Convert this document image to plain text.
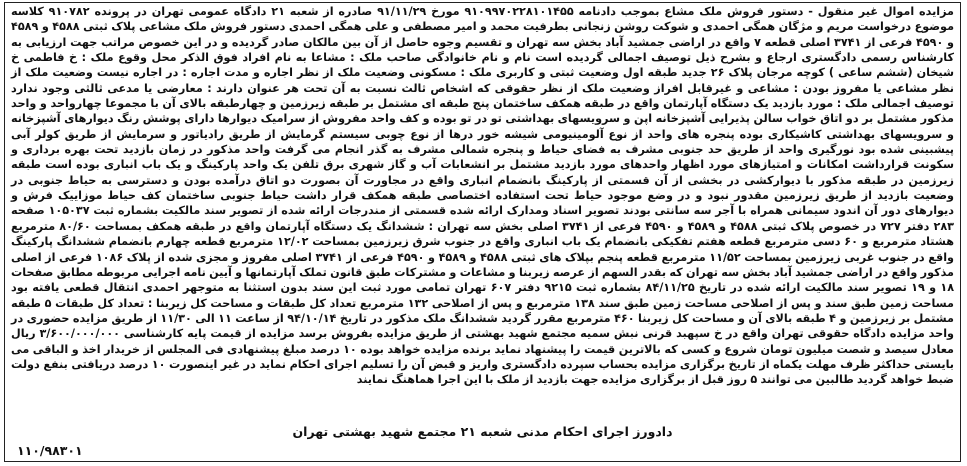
مزایده اموال غیر منقول - دستور فروش ملک مشاع بموجب دادنامه ۹۱۰۹۹۷۰۲۲۸۱۰۱۴۵۵ مورخ ۹۱/۱۱/۲۹ صادره از شعبه ۲۱ دادگاه عمومی تهران در پرونده ۹۱۰۷۸۲ کلاسه موضوع درخواست مریم و مژگان همگی احمدی و شوکت روشن زنجانی بطرفیت محمد و امیر مصطفی و علی همگی احمدی دستور فروش ملک مشاعی پلاک ثبتی ۴۵۸۸ و ۴۵۸۹ و ۴۵۹۰ فرعی از ۳۷۴۱ اصلی قطعه ۷ واقع در اراضی جمشید آباد بخش سه تهران و تقسیم وجوه حاصل از آن بین مالکان صادر گردیده و در این خصوص مراتب جهت ارزیابی به کارشناس رسمی دادگستری ارجاع و بشرح ذیل توصیف اجمالی گردیده است نام و نام خانوادگی صاحب ملک : مشاعا به نام افراد فوق الذکر محل وقوع ملک : خ فاطمی خ شیخان (ششم ساعی ) کوچه مرجان پلاک ۲۶ جدید طبقه اول وضعیت ثبتی و کاربری ملک : مسکونی وضعیت ملک از نظر اجاره و مدت اجاره : در اجاره نیست وضعیت ملک از نظر مشاعی یا مفروز بودن : مشاعی و غیرقابل افراز وضعیت ملک از نظر حقوقی که اشخاص ثالث نسبت به آن تحت هر عنوان دارند : معارضی یا مدعی ثالثی وجود ندارد توصیف اجمالی ملک : مورد بازدید یک دستگاه آپارتمان واقع در طبقه همکف ساختمان پنج طبقه ای مشتمل بر طبقه زیرزمین و چهارطبقه بالای آن با مجموعا چهارواحد و واحد مذکور مشتمل بر دو اتاق خواب سالن پذیرایی آشپزخانه اپن و سرویسهای بهداشتی تو در تو بوده و کف واحد مفروش از سرامیک دیوارها دارای پوشش رنگ دیوارهای آشپزخانه و سرویسهای بهداشتی کاشیکاری بوده پنجره های واحد از نوع آلومینیومی شیشه خور درها از نوع چوبی سیستم گرمایش از طریق رادیاتور و سرمایش از طریق کولر آبی پیشبینی شده بود نورگیری واحد از طریق حد جنوبی مشرف به فضای حیاط و پنجره شمالی مشرف به گذر انجام می گرفت واحد مذکور در زمان بازدید تحت بهره برداری و سکونت قرارداشت امکانات و امتیازهای مورد اظهار واحدهای مورد بازدید مشتمل بر انشعابات آب و گاز شهری برق تلفن یک واحد پارکینگ و یک باب انباری بوده است طبقه زیرزمین در طبقه مذکور با دیوارکشی در بخشی از آن قسمتی از پارکینگ بانضمام انباری واقع در مجاورت آن بصورت دو اتاق درآمده بودن و دسترسی به حیاط جنوبی در وضعیت بازدید از طریق زیرزمین مقدور نبود و در وضع موجود حیاط تحت استفاده اختصاصی طبقه همکف قرار داشت حیاط جنوبی ساختمان کف حیاط موزاییک فرش و دیوارهای دور آن اندود سیمانی همراه با آجر سه سانتی بودند تصویر اسناد ومدارک ارائه شده قسمتی از مندرجات ارائه شده از تصویر سند مالکیت بشماره ثبت ۱۰۵۰۳۷ صفحه ۲۸۳ دفتر ۷۲۷ در خصوص پلاک ثبتی ۴۵۸۸ و ۴۵۸۹ و ۴۵۹۰ فرعی از ۳۷۴۱ اصلی بخش سه تهران : ششدانگ یک دستگاه آپارتمان واقع در طبقه همکف بمساحت ۸۰/۶۰ مترمربع هشتاد مترمربع و ۶۰ دسی مترمربع قطعه هفتم تفکیکی بانضمام یک باب انباری واقع در جنوب شرق زیرزمین بمساحت ۱۲/۰۲ مترمربع قطعه چهارم بانضمام ششدانگ پارکینگ واقع در جنوب غربی زیرزمین بمساحت ۱۱/۵۲ مترمربع قطعه پنجم بپلاک های ثبتی ۴۵۸۸ و ۴۵۸۹ و ۴۵۹۰ فرعی از ۳۷۴۱ اصلی مفروز و مجزی شده از پلاک ۱۰۸۶ فرعی از اصلی مذکور واقع در اراضی جمشید آباد بخش سه تهران که بقدر السهم از عرصه زیربنا و مشاعات و مشترکات طبق قانون تملک آپارتمانها و آیین نامه اجرایی مربوطه مطابق صفحات ۱۸ و ۱۹ تصویر سند مالکیت ارائه شده در تاریخ ۸۴/۱۱/۲۵ بشماره ثبت ۹۲۱۵ دفتر ۶۰۷ تهران تمامی مورد ثبت این سند بدون استثنا به متوجهر احمدی انتقال قطعی یافته بود مساحت زمین طبق سند و پس از اصلاحی مساحت زمین طبق سند ۱۳۸ مترمربع و پس از اصلاحی ۱۳۲ مترمربع تعداد کل طبقات و مساحت کل زیربنا : تعداد کل طبقات ۵ طبقه مشتمل بر زیرزمین و ۴ طبقه بالای آن و مساحت کل زیربنا ۴۶۰ مترمربع مقرر گردید ششدانگ ملک مذکور در تاریخ ۹۴/۱۰/۱۴ از ساعت ۱۱ الی ۱۱/۳۰ از طریق مزایده حضوری در واحد مزایده دادگاه حقوقی تهران واقع در خ سپهبد قرنی نبش سمیه مجتمع شهید بهشتی از طریق مزایده بفروش برسد مزایده از قیمت پایه کارشناسی ۳/۶۰۰/۰۰۰/۰۰۰ ریال معادل سیصد و شصت میلیون تومان شروع و کسی که بالاترین قیمت را پیشنهاد نماید برنده مزایده خواهد بوده ۱۰ درصد مبلغ پیشنهادی فی المجلس از خریدار اخذ و الباقی می بایستی حداکثر ظرف مهلت یکماه از تاریخ برگزاری مزایده بحساب سپرده دادگستری واریز و قبض آن را تسلیم اجرای احکام نماید در غیر اینصورت ۱۰ درصد دریافتی بنفع دولت ضبط خواهد گردید طالبین می توانند ۵ روز قبل از برگزاری مزایده جهت بازدید از ملک با این اجرا هماهنگ نمایند
دادورز اجرای احکام مدنی شعبه ۲۱ مجتمع شهید بهشتی تهران
۱۱۰/۹۸۳۰۱
